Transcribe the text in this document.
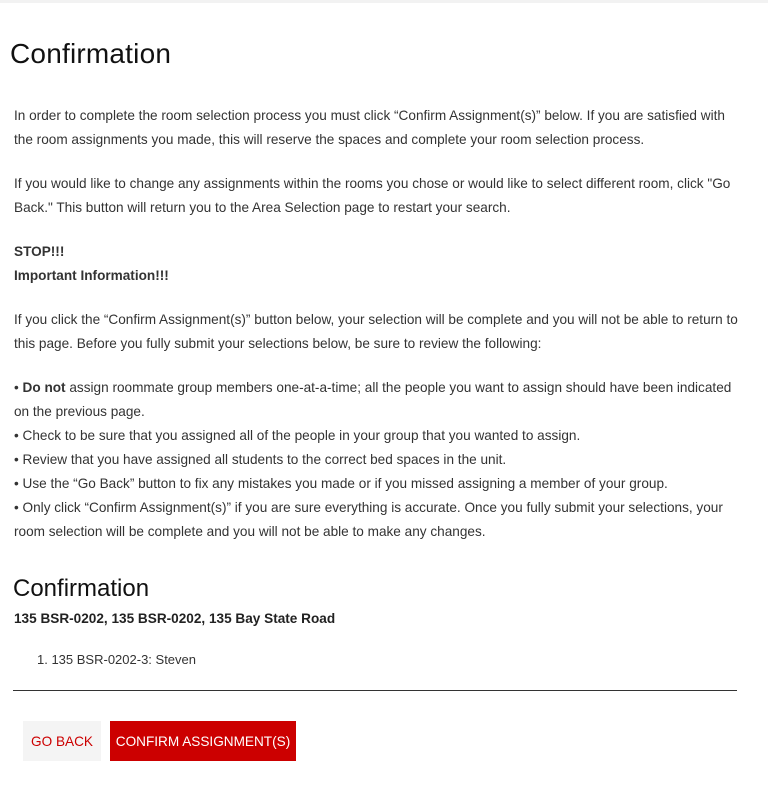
Confirmation

In order to complete the room selection process you must click “Confirm Assignment(s)” below. If you are satisfied with the room assignments you made, this will reserve the spaces and complete your room selection process.

If you would like to change any assignments within the rooms you chose or would like to select different room, click "Go Back." This button will return you to the Area Selection page to restart your search.

STOP!!!
Important Information!!!

If you click the “Confirm Assignment(s)” button below, your selection will be complete and you will not be able to return to this page. Before you fully submit your selections below, be sure to review the following:

• Do not assign roommate group members one-at-a-time; all the people you want to assign should have been indicated on the previous page.
• Check to be sure that you assigned all of the people in your group that you wanted to assign.
• Review that you have assigned all students to the correct bed spaces in the unit.
• Use the “Go Back” button to fix any mistakes you made or if you missed assigning a member of your group.
• Only click “Confirm Assignment(s)” if you are sure everything is accurate. Once you fully submit your selections, your room selection will be complete and you will not be able to make any changes.
Confirmation
135 BSR-0202, 135 BSR-0202, 135 Bay State Road
1. 135 BSR-0202-3: Steven
GO BACK	CONFIRM ASSIGNMENT(S)
